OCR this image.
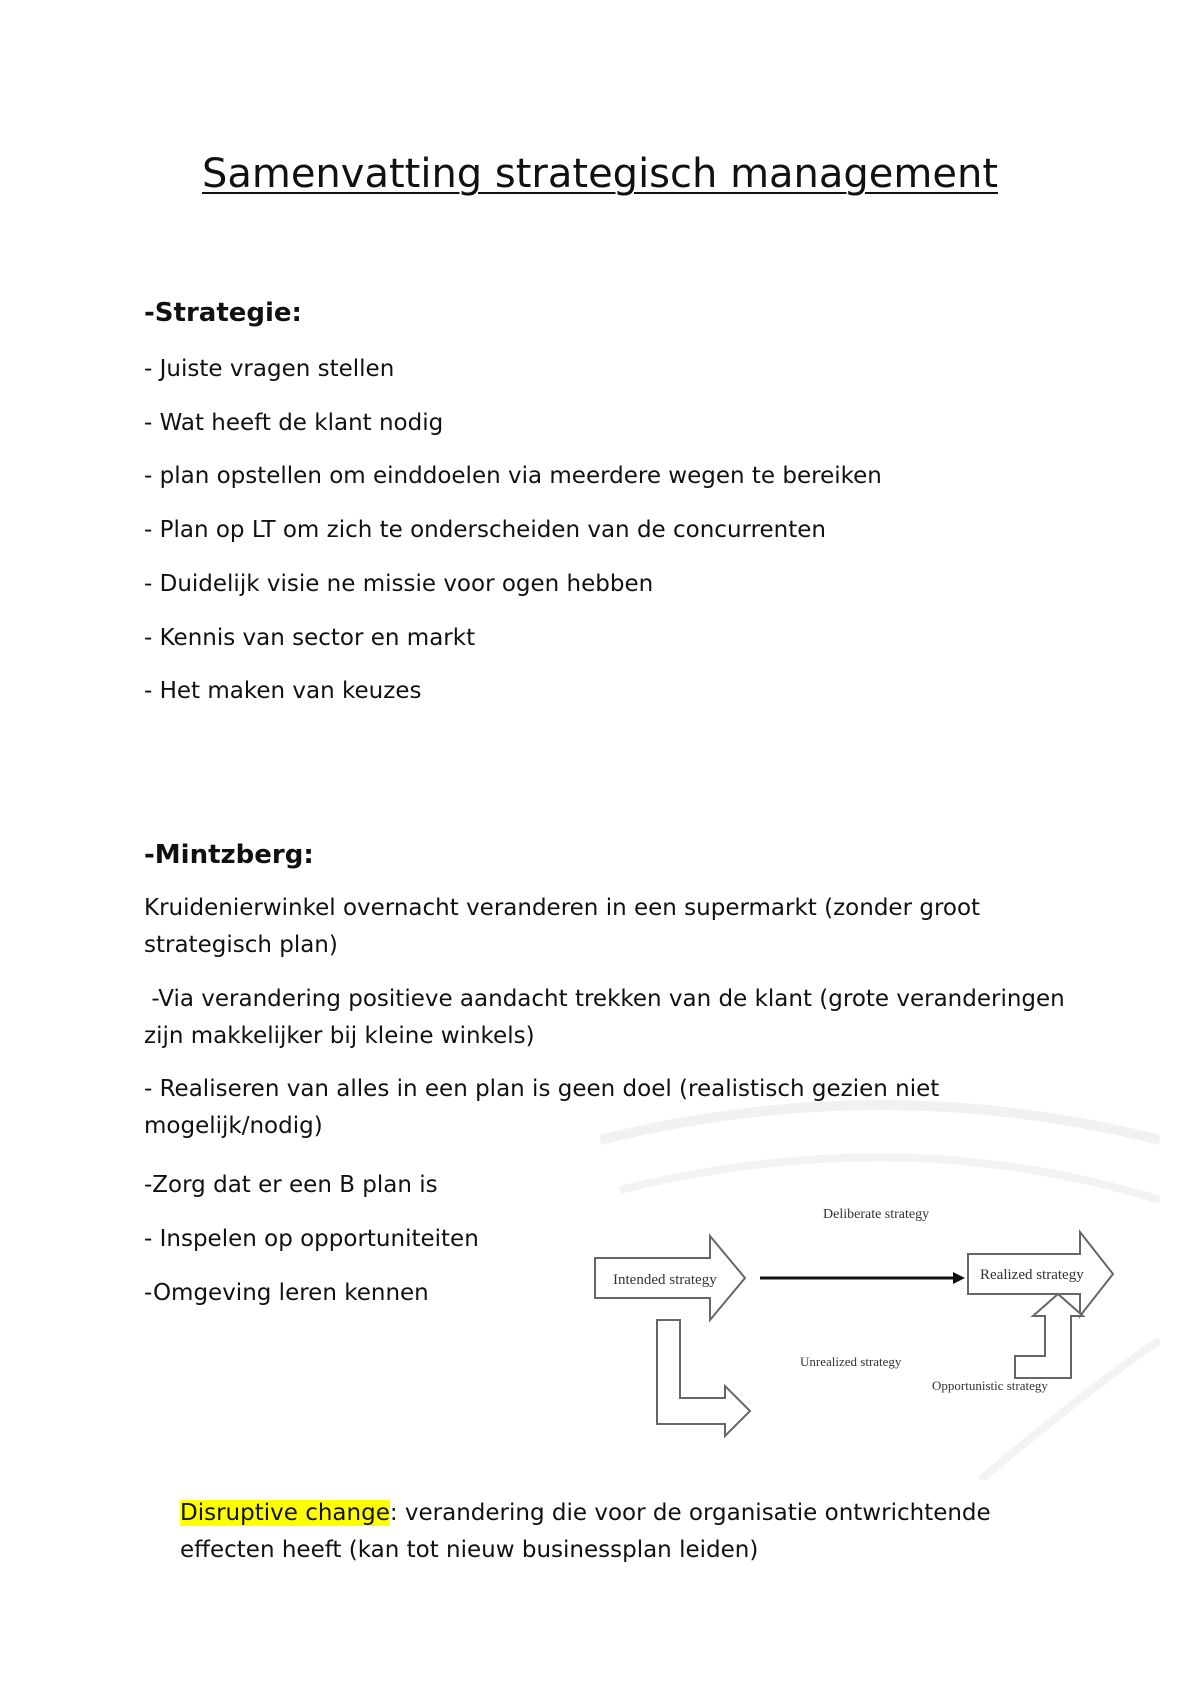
Samenvatting strategisch management
-Strategie:

- Juiste vragen stellen

- Wat heeft de klant nodig

- plan opstellen om einddoelen via meerdere wegen te bereiken

- Plan op LT om zich te onderscheiden van de concurrenten

- Duidelijk visie ne missie voor ogen hebben

- Kennis van sector en markt

- Het maken van keuzes

-Mintzberg:

Kruidenierwinkel overnacht veranderen in een supermarkt (zonder groot strategisch plan)

-Via verandering positieve aandacht trekken van de klant (grote veranderingen zijn makkelijker bij kleine winkels)

- Realiseren van alles in een plan is geen doel (realistisch gezien niet mogelijk/nodig)

-Zorg dat er een B plan is

- Inspelen op opportuniteiten

-Omgeving leren kennen	Intended strategy
Deliberate strategy
Realized strategy
Unrealized strategy
Opportunistic strategy

Disruptive change: verandering die voor de organisatie ontwrichtende effecten heeft (kan tot nieuw businessplan leiden)
